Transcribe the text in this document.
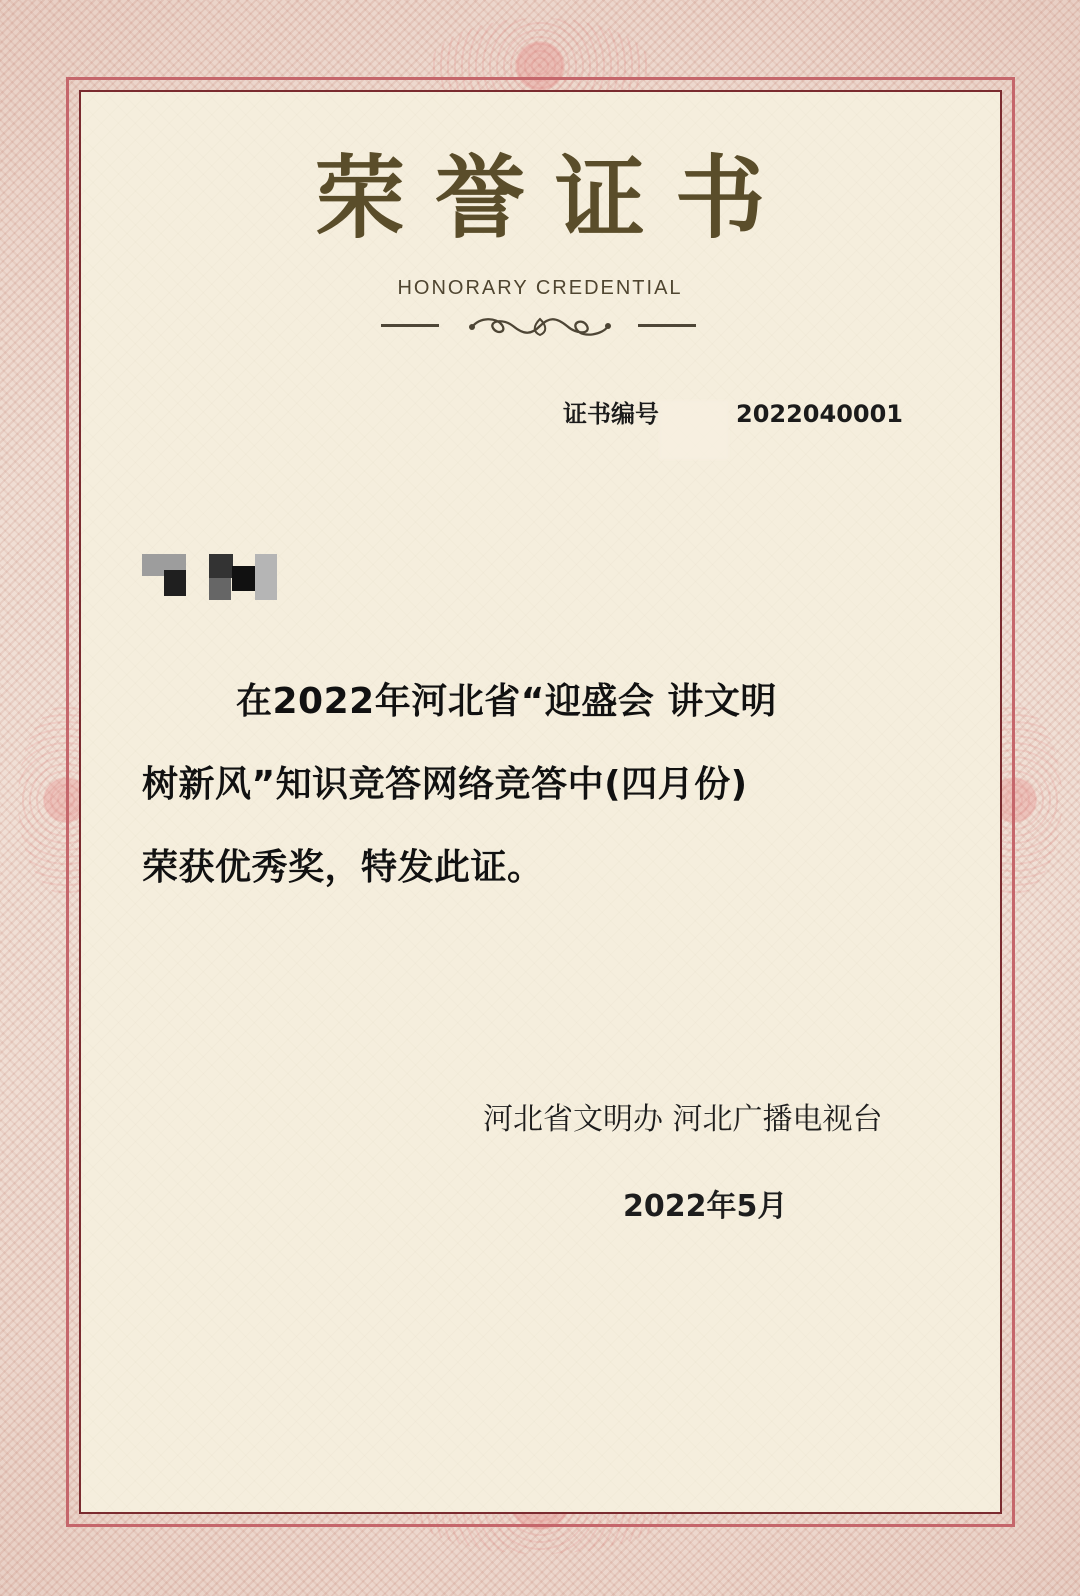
荣誉证书
HONORARY CREDENTIAL
证书编号	2022040001
在2022年河北省“迎盛会 讲文明
树新风”知识竞答网络竞答中(四月份)
荣获优秀奖，特发此证。
河北省文明办 河北广播电视台
2022年5月
